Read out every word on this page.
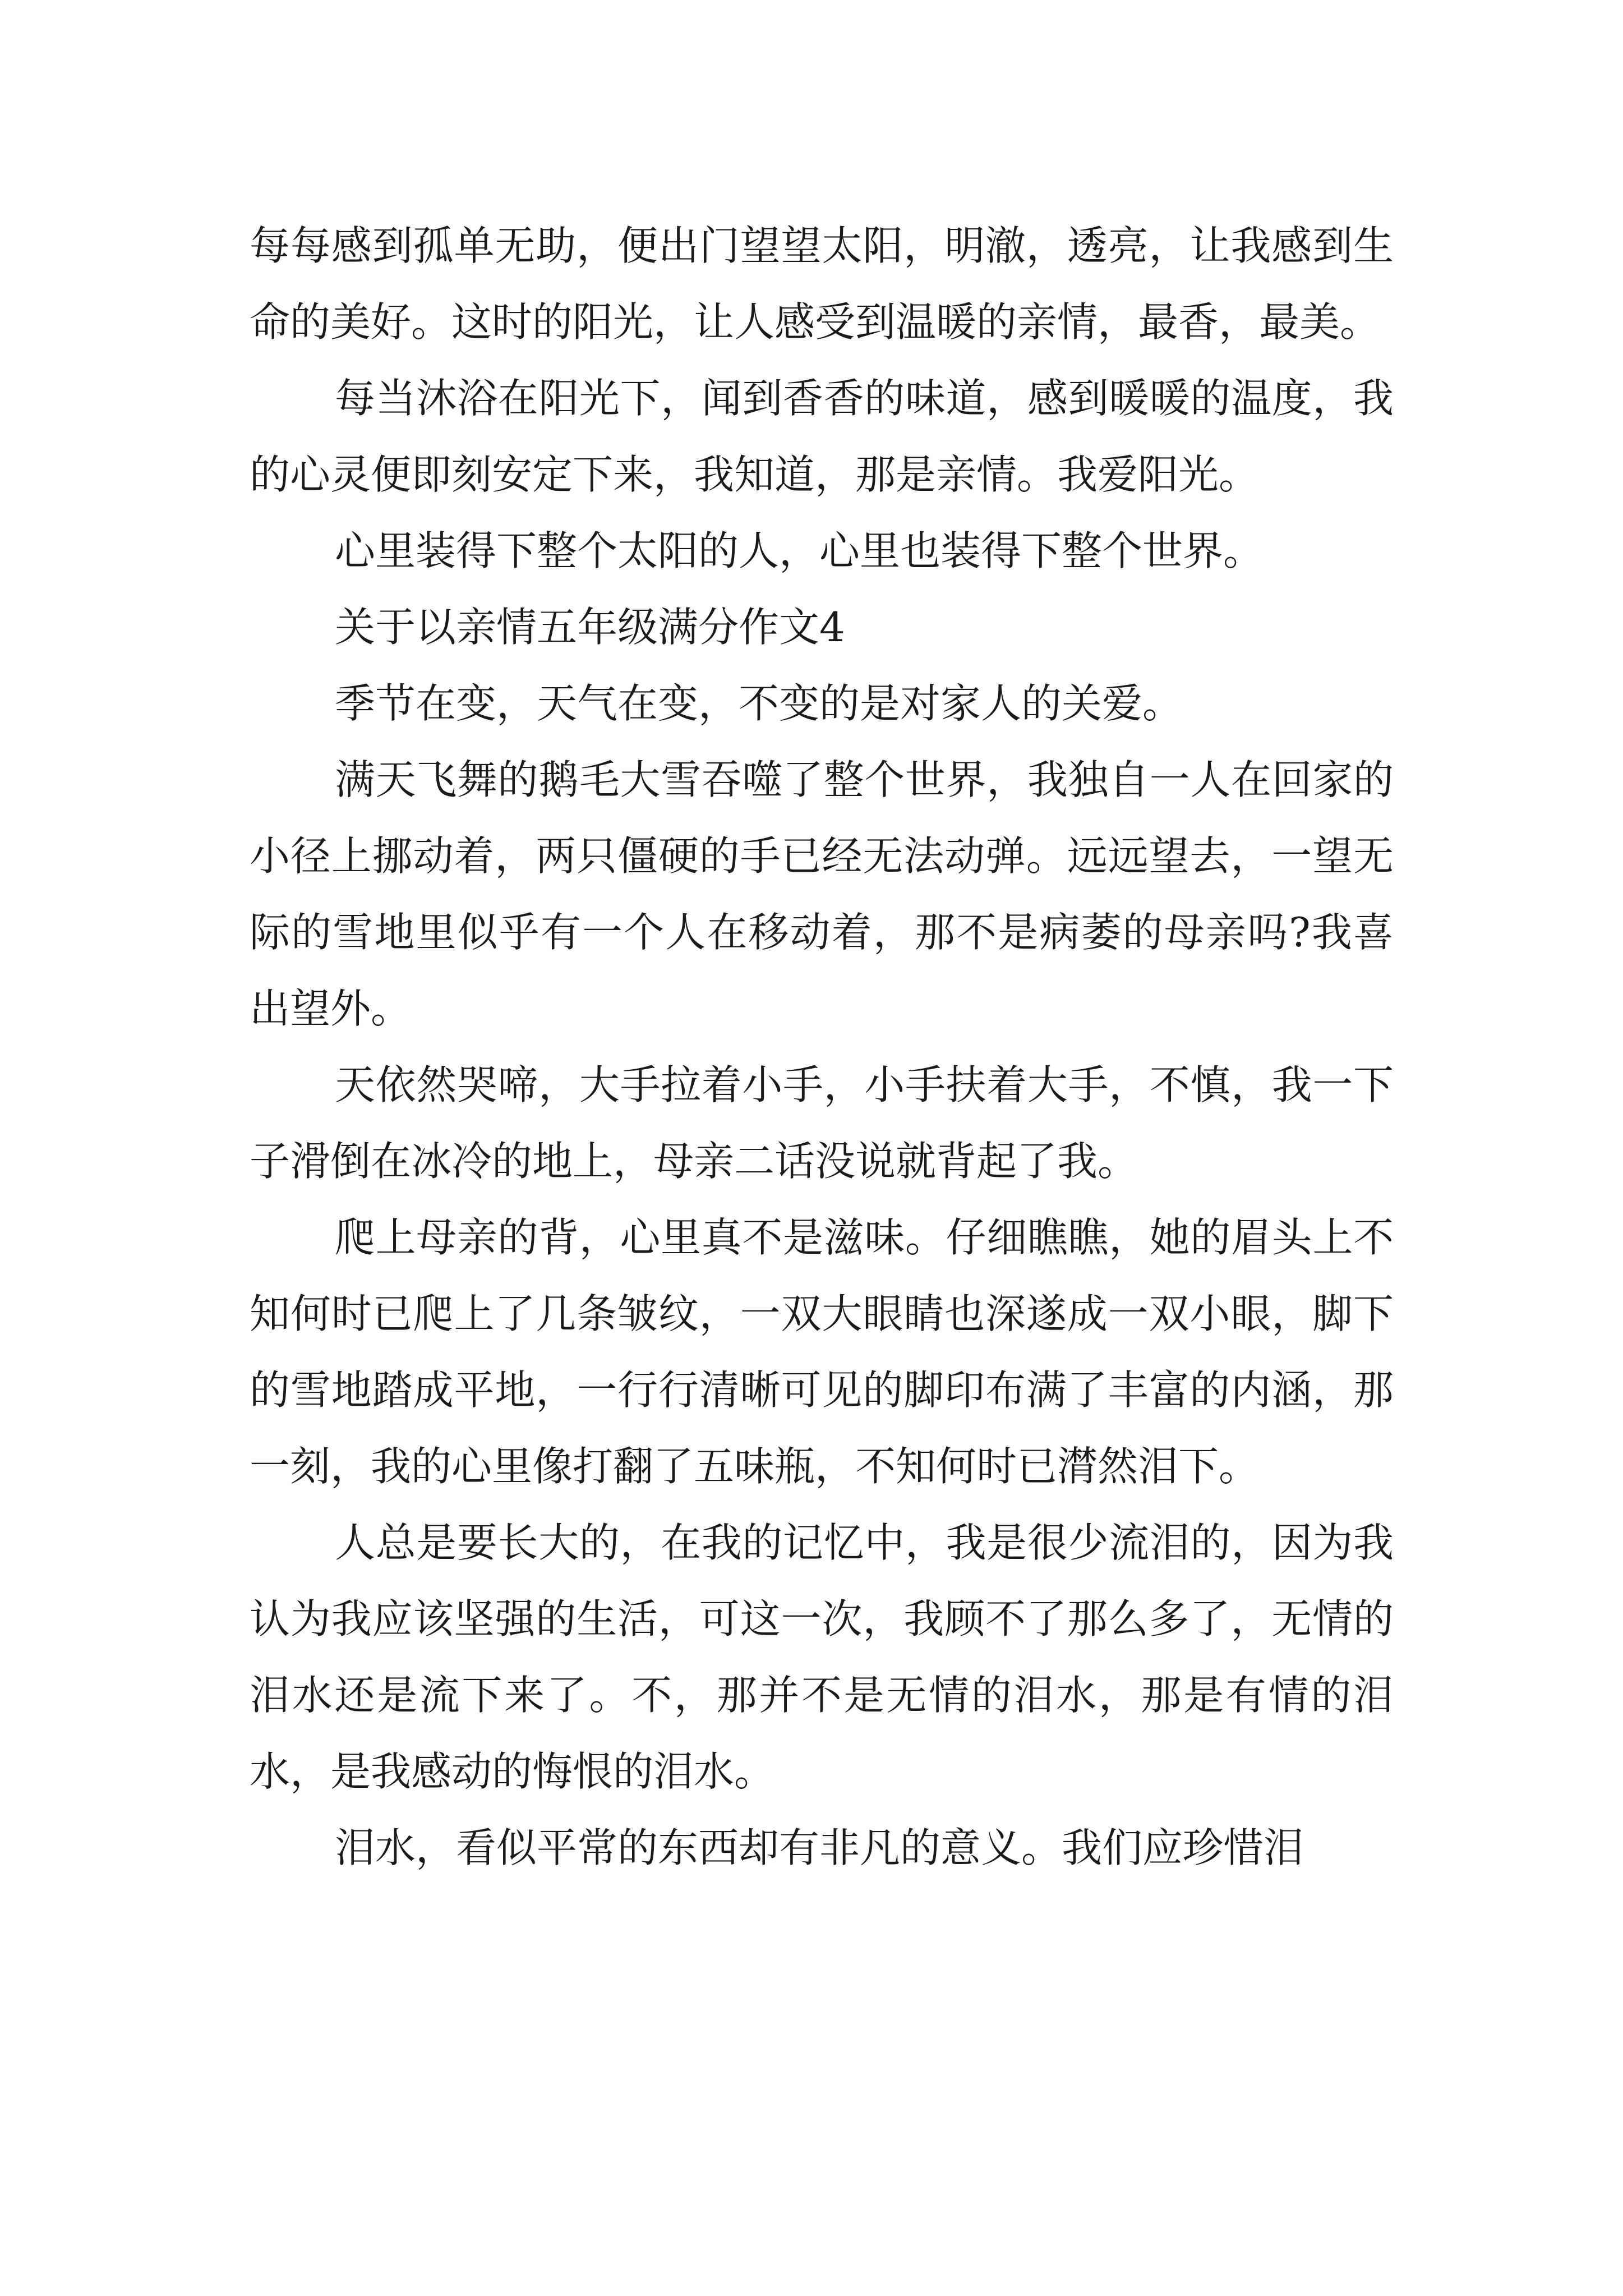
每每感到孤单无助，便出门望望太阳，明澈，透亮，让我感到生命的美好。这时的阳光，让人感受到温暖的亲情，最香，最美。

每当沐浴在阳光下，闻到香香的味道，感到暖暖的温度，我的心灵便即刻安定下来，我知道，那是亲情。我爱阳光。

心里装得下整个太阳的人，心里也装得下整个世界。

关于以亲情五年级满分作文4

季节在变，天气在变，不变的是对家人的关爱。

满天飞舞的鹅毛大雪吞噬了整个世界，我独自一人在回家的小径上挪动着，两只僵硬的手已经无法动弹。远远望去，一望无际的雪地里似乎有一个人在移动着，那不是病萎的母亲吗?我喜出望外。

天依然哭啼，大手拉着小手，小手扶着大手，不慎，我一下子滑倒在冰冷的地上，母亲二话没说就背起了我。

爬上母亲的背，心里真不是滋味。仔细瞧瞧，她的眉头上不知何时已爬上了几条皱纹，一双大眼睛也深遂成一双小眼，脚下的雪地踏成平地，一行行清晰可见的脚印布满了丰富的内涵，那一刻，我的心里像打翻了五味瓶，不知何时已潸然泪下。

人总是要长大的，在我的记忆中，我是很少流泪的，因为我认为我应该坚强的生活，可这一次，我顾不了那么多了，无情的泪水还是流下来了。不，那并不是无情的泪水，那是有情的泪水，是我感动的悔恨的泪水。

泪水，看似平常的东西却有非凡的意义。我们应珍惜泪
